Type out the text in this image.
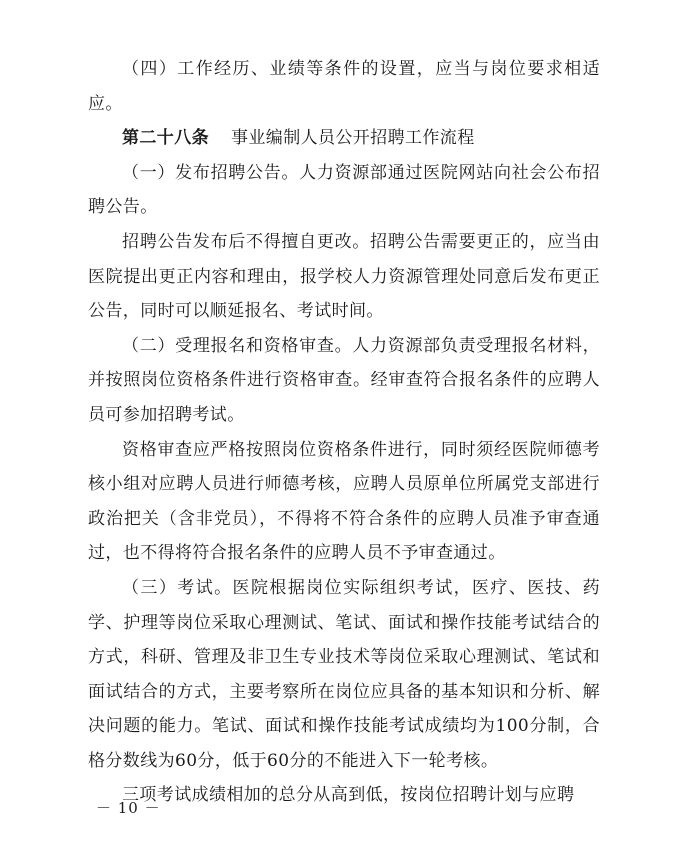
（四）工作经历、业绩等条件的设置，应当与岗位要求相适应。

第二十八条 事业编制人员公开招聘工作流程

（一）发布招聘公告。人力资源部通过医院网站向社会公布招聘公告。

招聘公告发布后不得擅自更改。招聘公告需要更正的，应当由医院提出更正内容和理由，报学校人力资源管理处同意后发布更正公告，同时可以顺延报名、考试时间。

（二）受理报名和资格审查。人力资源部负责受理报名材料，并按照岗位资格条件进行资格审查。经审查符合报名条件的应聘人员可参加招聘考试。

资格审查应严格按照岗位资格条件进行，同时须经医院师德考核小组对应聘人员进行师德考核，应聘人员原单位所属党支部进行政治把关（含非党员），不得将不符合条件的应聘人员准予审查通过，也不得将符合报名条件的应聘人员不予审查通过。

（三）考试。医院根据岗位实际组织考试，医疗、医技、药学、护理等岗位采取心理测试、笔试、面试和操作技能考试结合的方式，科研、管理及非卫生专业技术等岗位采取心理测试、笔试和面试结合的方式，主要考察所在岗位应具备的基本知识和分析、解决问题的能力。笔试、面试和操作技能考试成绩均为100分制，合格分数线为60分，低于60分的不能进入下一轮考核。

三项考试成绩相加的总分从高到低，按岗位招聘计划与应聘

－ 10 －
